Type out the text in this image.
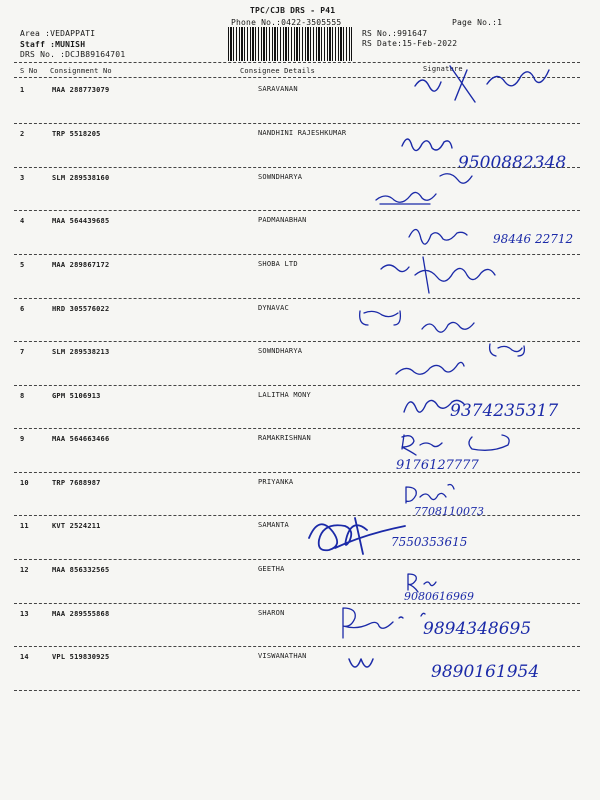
TPC/CJB DRS - P41
Phone No.:0422-3505555	Page No.:1
Area :VEDAPPATI
Staff :MUNISH
DRS No. :DCJB89164701
RS No.:991647
RS Date:15-Feb-2022
S No Consignment No	Consignee Details	Signature
1	MAA 288773079	SARAVANAN
2	TRP 5518205	NANDHINI RAJESHKUMAR
9500882348
3	SLM 289538160	SOWNDHARYA
4	MAA 564439685	PADMANABHAN
98446 22712
5	MAA 289867172	SHOBA LTD
6	HRD 305576022	DYNAVAC
7	SLM 289538213	SOWNDHARYA
8	GPM 5106913	LALITHA MONY
9374235317
9	MAA 564663466	RAMAKRISHNAN
9176127777
10	TRP 7688987	PRIYANKA
7708110073
11	KVT 2524211	SAMANTA
7550353615
12	MAA 856332565	GEETHA
9080616969
13	MAA 289555868	SHARON
9894348695
14	VPL 519830925	VISWANATHAN
9890161954
